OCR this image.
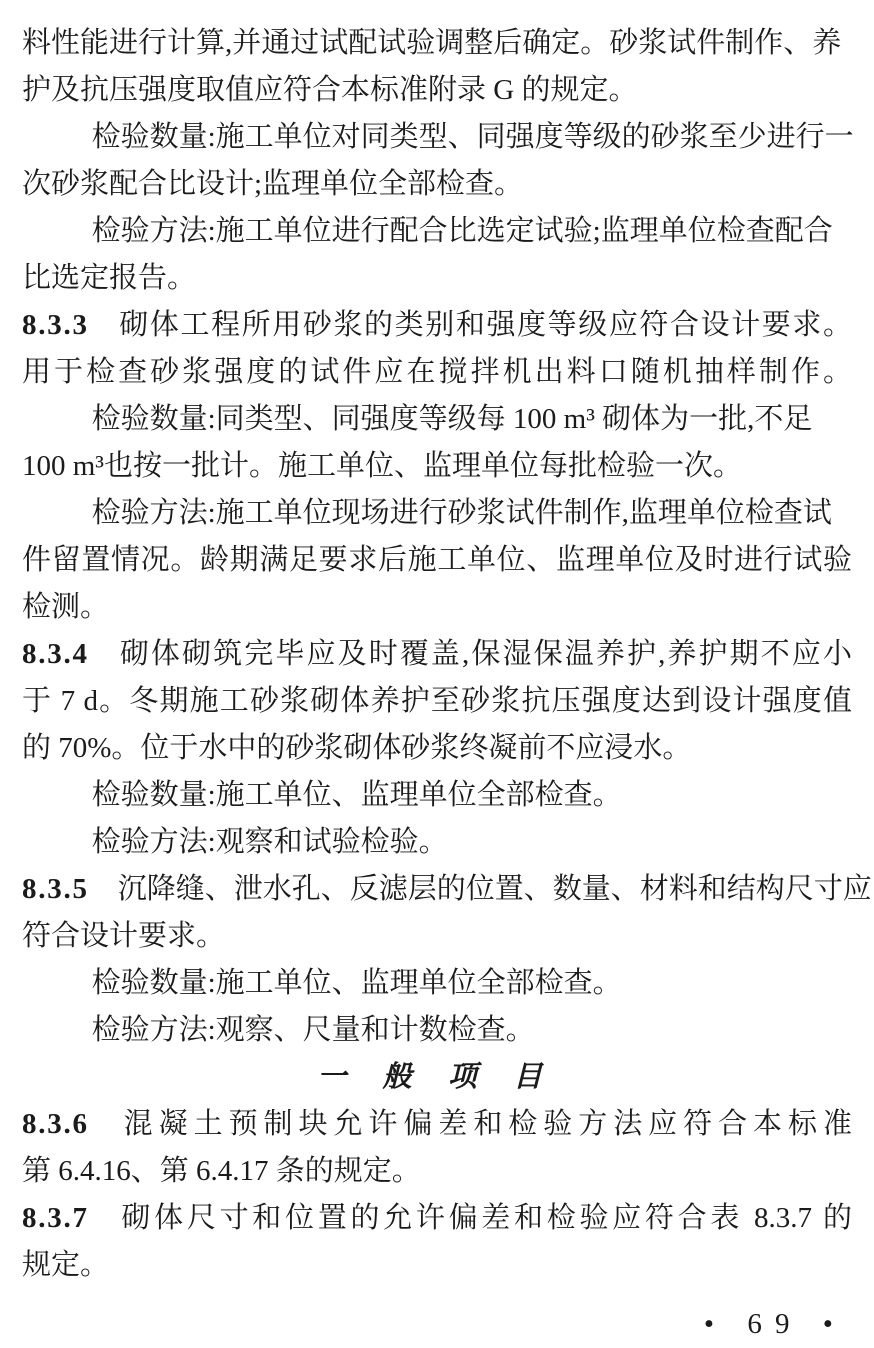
料性能进行计算,并通过试配试验调整后确定。砂浆试件制作、养
护及抗压强度取值应符合本标准附录 G 的规定。
检验数量:施工单位对同类型、同强度等级的砂浆至少进行一
次砂浆配合比设计;监理单位全部检查。
检验方法:施工单位进行配合比选定试验;监理单位检查配合
比选定报告。
8.3.3 砌体工程所用砂浆的类别和强度等级应符合设计要求。
用于检查砂浆强度的试件应在搅拌机出料口随机抽样制作。
检验数量:同类型、同强度等级每 100 m³ 砌体为一批,不足
100 m³也按一批计。施工单位、监理单位每批检验一次。
检验方法:施工单位现场进行砂浆试件制作,监理单位检查试
件留置情况。龄期满足要求后施工单位、监理单位及时进行试验
检测。
8.3.4 砌体砌筑完毕应及时覆盖,保湿保温养护,养护期不应小
于 7 d。冬期施工砂浆砌体养护至砂浆抗压强度达到设计强度值
的 70%。位于水中的砂浆砌体砂浆终凝前不应浸水。
检验数量:施工单位、监理单位全部检查。
检验方法:观察和试验检验。
8.3.5 沉降缝、泄水孔、反滤层的位置、数量、材料和结构尺寸应
符合设计要求。
检验数量:施工单位、监理单位全部检查。
检验方法:观察、尺量和计数检查。
一 般 项 目
8.3.6 混凝土预制块允许偏差和检验方法应符合本标准
第 6.4.16、第 6.4.17 条的规定。
8.3.7 砌体尺寸和位置的允许偏差和检验应符合表 8.3.7 的
规定。
• 69 •
